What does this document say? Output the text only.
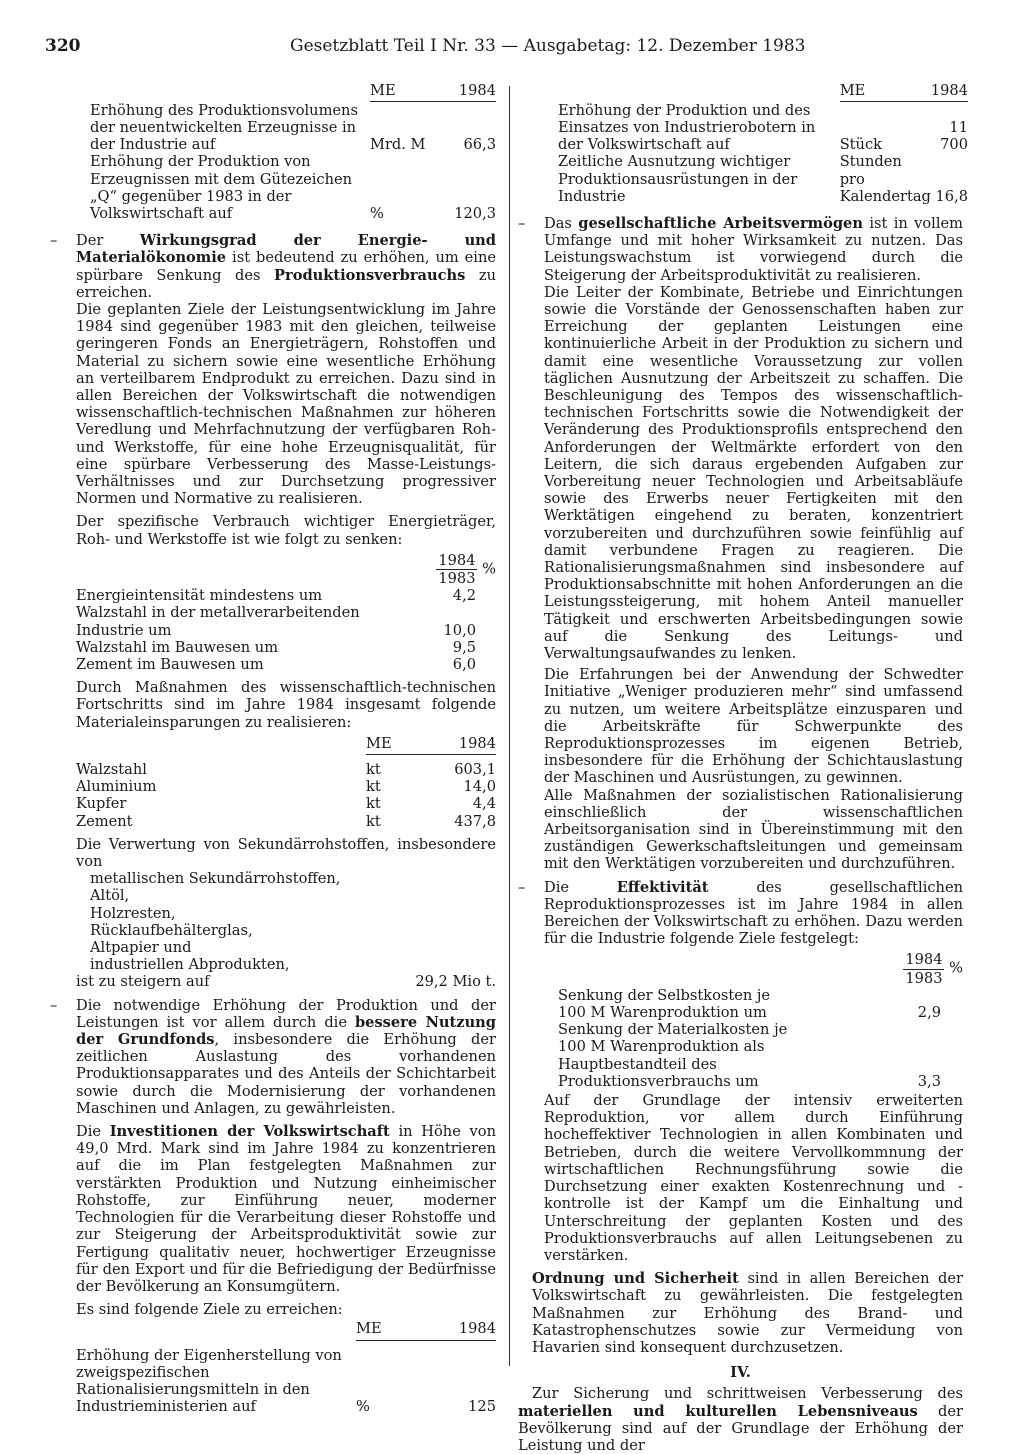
320	Gesetzblatt Teil I Nr. 33 — Ausgabetag: 12. Dezember 1983
	ME	1984
Erhöhung des Produktionsvolumens der neuentwickelten Erzeugnisse in der Industrie auf	Mrd. M	66,3
Erhöhung der Produktion von Erzeugnissen mit dem Gütezeichen „Q“ gegenüber 1983 in der Volkswirtschaft auf	%	120,3
– Der Wirkungsgrad der Energie- und Materialökonomie ist bedeutend zu erhöhen, um eine spürbare Senkung des Produktionsverbrauchs zu erreichen.

Die geplanten Ziele der Leistungsentwicklung im Jahre 1984 sind gegenüber 1983 mit den gleichen, teilweise geringeren Fonds an Energieträgern, Rohstoffen und Material zu sichern sowie eine wesentliche Erhöhung an verteilbarem Endprodukt zu erreichen. Dazu sind in allen Bereichen der Volkswirtschaft die notwendigen wissenschaftlich-technischen Maßnahmen zur höheren Veredlung und Mehrfachnutzung der verfügbaren Roh- und Werkstoffe, für eine hohe Erzeugnisqualität, für eine spürbare Verbesserung des Masse-Leistungs-Verhältnisses und zur Durchsetzung progressiver Normen und Normative zu realisieren.

Der spezifische Verbrauch wichtiger Energieträger, Roh- und Werkstoffe ist wie folgt zu senken:

$\frac{1984}{1983}$ %
Energieintensität mindestens um	4,2
Walzstahl in der metallverarbeitenden	
Industrie um	10,0
Walzstahl im Bauwesen um	9,5
Zement im Bauwesen um	6,0

Durch Maßnahmen des wissenschaftlich-technischen Fortschritts sind im Jahre 1984 insgesamt folgende Materialeinsparungen zu realisieren:

	ME	1984

Walzstahl	kt	603,1
Aluminium	kt	14,0
Kupfer	kt	4,4
Zement	kt	437,8

Die Verwertung von Sekundärrohstoffen, insbesondere von

metallischen Sekundärrohstoffen,
Altöl,
Holzresten,
Rücklaufbehälterglas,
Altpapier und
industriellen Abprodukten,
ist zu steigern auf	29,2 Mio t.
– Die notwendige Erhöhung der Produktion und der Leistungen ist vor allem durch die bessere Nutzung der Grundfonds, insbesondere die Erhöhung der zeitlichen Auslastung des vorhandenen Produktionsapparates und des Anteils der Schichtarbeit sowie durch die Modernisierung der vorhandenen Maschinen und Anlagen, zu gewährleisten.

Die Investitionen der Volkswirtschaft in Höhe von 49,0 Mrd. Mark sind im Jahre 1984 zu konzentrieren auf die im Plan festgelegten Maßnahmen zur verstärkten Produktion und Nutzung einheimischer Rohstoffe, zur Einführung neuer, moderner Technologien für die Verarbeitung dieser Rohstoffe und zur Steigerung der Arbeitsproduktivität sowie zur Fertigung qualitativ neuer, hochwertiger Erzeugnisse für den Export und für die Befriedigung der Bedürfnisse der Bevölkerung an Konsumgütern.

Es sind folgende Ziele zu erreichen:

	ME	1984

Erhöhung der Eigenherstellung von zweigspezifischen Rationalisierungsmitteln in den Industrieministerien auf	%	125
	ME	1984
Erhöhung der Produktion und des Einsatzes von Industrierobotern in der Volkswirtschaft auf	Stück	11 700
Zeitliche Ausnutzung wichtiger Produktionsausrüstungen in der Industrie	Stunden pro Kalendertag	16,8
– Das gesellschaftliche Arbeitsvermögen ist in vollem Umfange und mit hoher Wirksamkeit zu nutzen. Das Leistungswachstum ist vorwiegend durch die Steigerung der Arbeitsproduktivität zu realisieren.

Die Leiter der Kombinate, Betriebe und Einrichtungen sowie die Vorstände der Genossenschaften haben zur Erreichung der geplanten Leistungen eine kontinuierliche Arbeit in der Produktion zu sichern und damit eine wesentliche Voraussetzung zur vollen täglichen Ausnutzung der Arbeitszeit zu schaffen. Die Beschleunigung des Tempos des wissenschaftlich-technischen Fortschritts sowie die Notwendigkeit der Veränderung des Produktionsprofils entsprechend den Anforderungen der Weltmärkte erfordert von den Leitern, die sich daraus ergebenden Aufgaben zur Vorbereitung neuer Technologien und Arbeitsabläufe sowie des Erwerbs neuer Fertigkeiten mit den Werktätigen eingehend zu beraten, konzentriert vorzubereiten und durchzuführen sowie feinfühlig auf damit verbundene Fragen zu reagieren. Die Rationalisierungsmaßnahmen sind insbesondere auf Produktionsabschnitte mit hohen Anforderungen an die Leistungssteigerung, mit hohem Anteil manueller Tätigkeit und erschwerten Arbeitsbedingungen sowie auf die Senkung des Leitungs- und Verwaltungsaufwandes zu lenken.

Die Erfahrungen bei der Anwendung der Schwedter Initiative „Weniger produzieren mehr“ sind umfassend zu nutzen, um weitere Arbeitsplätze einzusparen und die Arbeitskräfte für Schwerpunkte des Reproduktionsprozesses im eigenen Betrieb, insbesondere für die Erhöhung der Schichtauslastung der Maschinen und Ausrüstungen, zu gewinnen.

Alle Maßnahmen der sozialistischen Rationalisierung einschließlich der wissenschaftlichen Arbeitsorganisation sind in Übereinstimmung mit den zuständigen Gewerkschaftsleitungen und gemeinsam mit den Werktätigen vorzubereiten und durchzuführen.

– Die Effektivität des gesellschaftlichen Reproduktionsprozesses ist im Jahre 1984 in allen Bereichen der Volkswirtschaft zu erhöhen. Dazu werden für die Industrie folgende Ziele festgelegt:

$\frac{1984}{1983}$ %
Senkung der Selbstkosten je 100 M Warenproduktion um	2,9
Senkung der Materialkosten je 100 M Warenproduktion als Hauptbestandteil des Produktionsverbrauchs um	3,3

Auf der Grundlage der intensiv erweiterten Reproduktion, vor allem durch Einführung hocheffektiver Technologien in allen Kombinaten und Betrieben, durch die weitere Vervollkommnung der wirtschaftlichen Rechnungsführung sowie die Durchsetzung einer exakten Kostenrechnung und -kontrolle ist der Kampf um die Einhaltung und Unterschreitung der geplanten Kosten und des Produktionsverbrauchs auf allen Leitungsebenen zu verstärken.

Ordnung und Sicherheit sind in allen Bereichen der Volkswirtschaft zu gewährleisten. Die festgelegten Maßnahmen zur Erhöhung des Brand- und Katastrophenschutzes sowie zur Vermeidung von Havarien sind konsequent durchzusetzen.

IV.

Zur Sicherung und schrittweisen Verbesserung des materiellen und kulturellen Lebensniveaus der Bevölkerung sind auf der Grundlage der Erhöhung der Leistung und der
